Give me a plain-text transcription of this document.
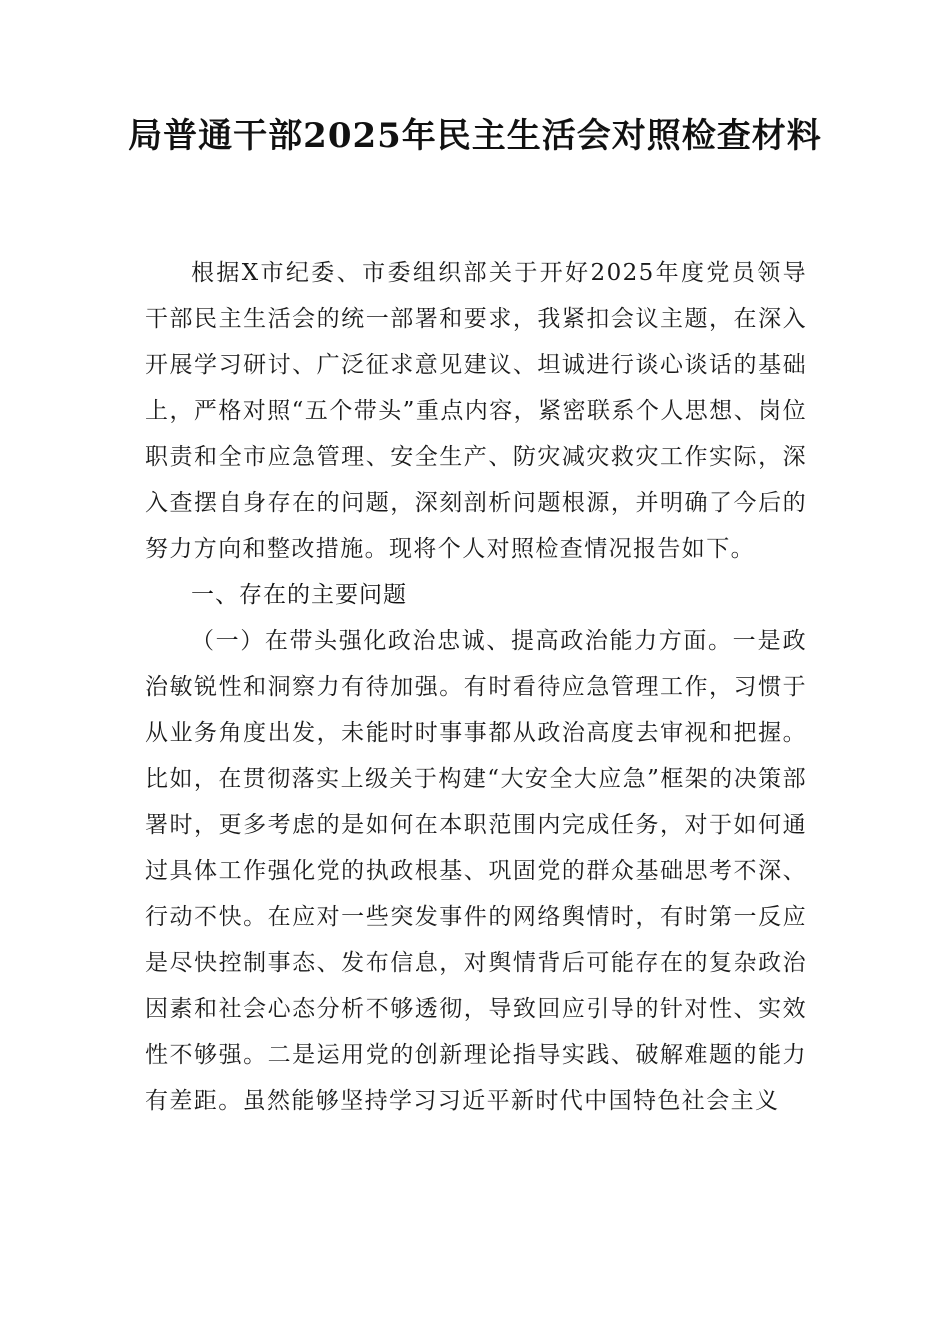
局普通干部2025年民主生活会对照检查材料

根据X市纪委、市委组织部关于开好2025年度党员领导干部民主生活会的统一部署和要求，我紧扣会议主题，在深入开展学习研讨、广泛征求意见建议、坦诚进行谈心谈话的基础上，严格对照“五个带头”重点内容，紧密联系个人思想、岗位职责和全市应急管理、安全生产、防灾减灾救灾工作实际，深入查摆自身存在的问题，深刻剖析问题根源，并明确了今后的努力方向和整改措施。现将个人对照检查情况报告如下。

一、存在的主要问题

（一）在带头强化政治忠诚、提高政治能力方面。一是政治敏锐性和洞察力有待加强。有时看待应急管理工作，习惯于从业务角度出发，未能时时事事都从政治高度去审视和把握。比如，在贯彻落实上级关于构建“大安全大应急”框架的决策部署时，更多考虑的是如何在本职范围内完成任务，对于如何通过具体工作强化党的执政根基、巩固党的群众基础思考不深、行动不快。在应对一些突发事件的网络舆情时，有时第一反应是尽快控制事态、发布信息，对舆情背后可能存在的复杂政治因素和社会心态分析不够透彻，导致回应引导的针对性、实效性不够强。二是运用党的创新理论指导实践、破解难题的能力有差距。虽然能够坚持学习习近平新时代中国特色社会主义
